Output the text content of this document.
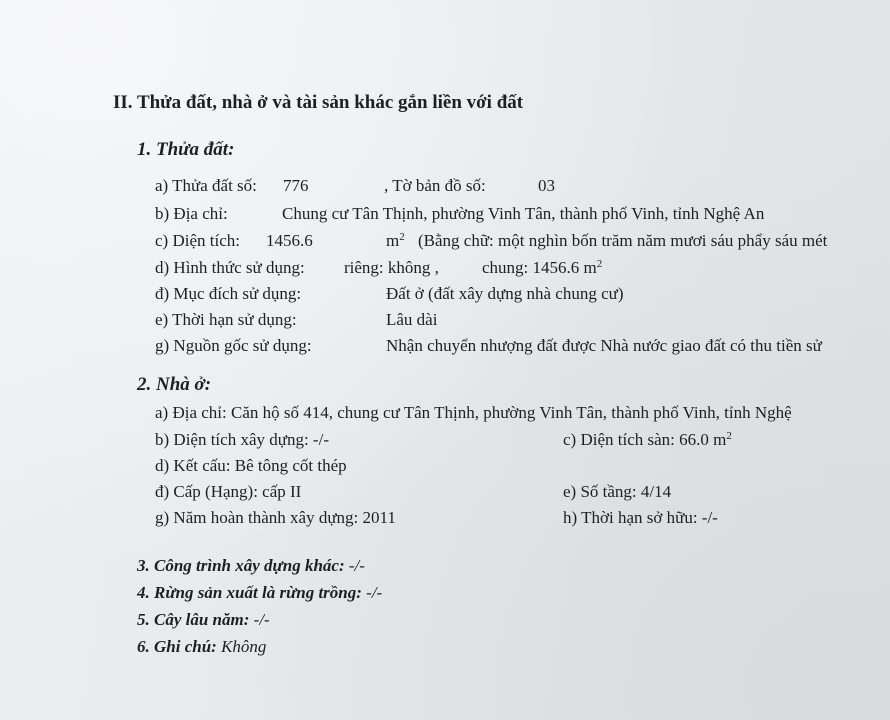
II. Thửa đất, nhà ở và tài sản khác gắn liền với đất
1. Thửa đất:
a) Thửa đất số: 776	, Tờ bản đồ số:	03
b) Địa chỉ:	Chung cư Tân Thịnh, phường Vinh Tân, thành phố Vinh, tỉnh Nghệ An
c) Diện tích: 1456.6	$m^2$ (Bằng chữ: một nghìn bốn trăm năm mươi sáu phẩy sáu mét
d) Hình thức sử dụng: riêng: không ,	chung: 1456.6 $m^2$
đ) Mục đích sử dụng:	Đất ở (đất xây dựng nhà chung cư)
e) Thời hạn sử dụng:	Lâu dài
g) Nguồn gốc sử dụng:	Nhận chuyển nhượng đất được Nhà nước giao đất có thu tiền sử
2. Nhà ở:
a) Địa chỉ: Căn hộ số 414, chung cư Tân Thịnh, phường Vinh Tân, thành phố Vinh, tỉnh Nghệ
b) Diện tích xây dựng: -/-	c) Diện tích sàn: 66.0 $m^2$
d) Kết cấu: Bê tông cốt thép
đ) Cấp (Hạng): cấp II	e) Số tầng: 4/14
g) Năm hoàn thành xây dựng: 2011	h) Thời hạn sở hữu: -/-
3. Công trình xây dựng khác: -/-
4. Rừng sản xuất là rừng trồng: -/-
5. Cây lâu năm: -/-
6. Ghi chú: Không
